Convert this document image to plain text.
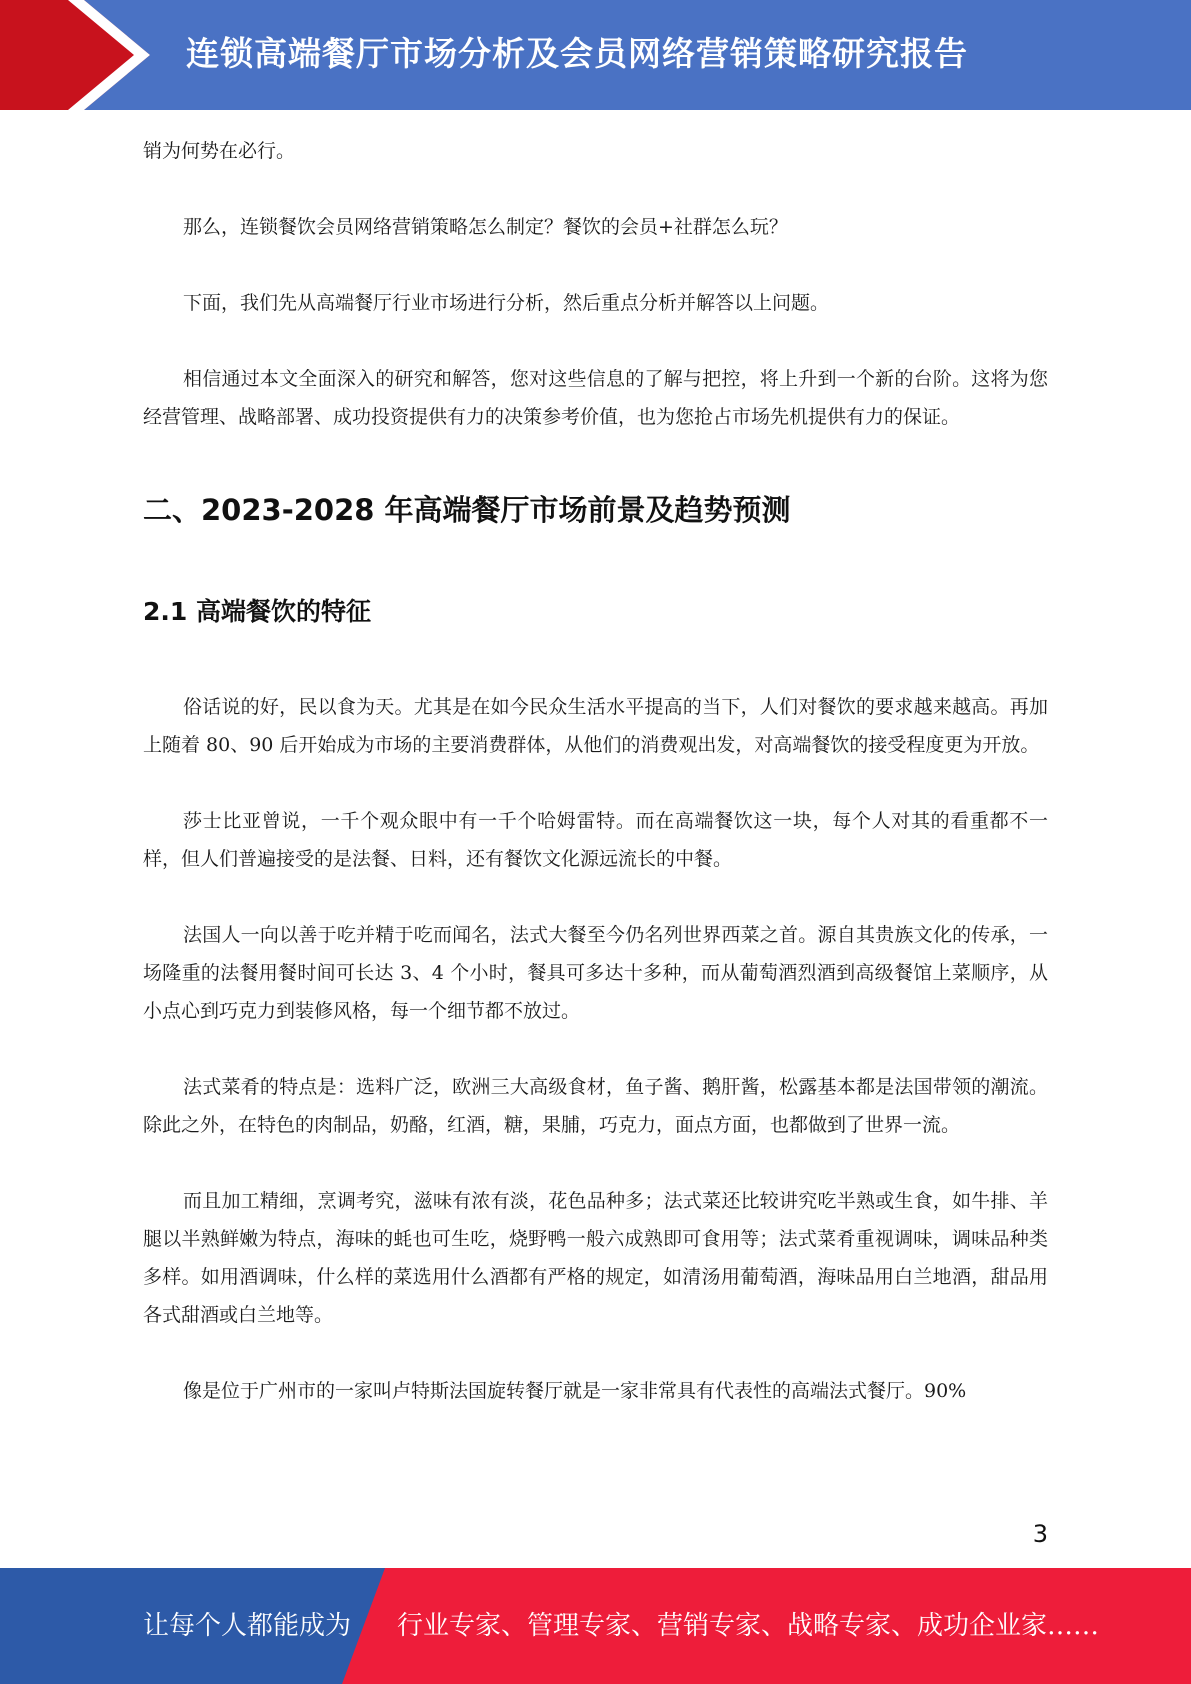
连锁高端餐厅市场分析及会员网络营销策略研究报告

销为何势在必行。

那么，连锁餐饮会员网络营销策略怎么制定？餐饮的会员+社群怎么玩？

下面，我们先从高端餐厅行业市场进行分析，然后重点分析并解答以上问题。

相信通过本文全面深入的研究和解答，您对这些信息的了解与把控，将上升到一个新的台阶。这将为您经营管理、战略部署、成功投资提供有力的决策参考价值，也为您抢占市场先机提供有力的保证。

二、2023-2028 年高端餐厅市场前景及趋势预测
2.1 高端餐饮的特征

俗话说的好，民以食为天。尤其是在如今民众生活水平提高的当下，人们对餐饮的要求越来越高。再加上随着 80、90 后开始成为市场的主要消费群体，从他们的消费观出发，对高端餐饮的接受程度更为开放。

莎士比亚曾说，一千个观众眼中有一千个哈姆雷特。而在高端餐饮这一块，每个人对其的看重都不一样，但人们普遍接受的是法餐、日料，还有餐饮文化源远流长的中餐。

法国人一向以善于吃并精于吃而闻名，法式大餐至今仍名列世界西菜之首。源自其贵族文化的传承，一场隆重的法餐用餐时间可长达 3、4 个小时，餐具可多达十多种，而从葡萄酒烈酒到高级餐馆上菜顺序，从小点心到巧克力到装修风格，每一个细节都不放过。

法式菜肴的特点是：选料广泛，欧洲三大高级食材，鱼子酱、鹅肝酱，松露基本都是法国带领的潮流。除此之外，在特色的肉制品，奶酪，红酒，糖，果脯，巧克力，面点方面，也都做到了世界一流。

而且加工精细，烹调考究，滋味有浓有淡，花色品种多；法式菜还比较讲究吃半熟或生食，如牛排、羊腿以半熟鲜嫩为特点，海味的蚝也可生吃，烧野鸭一般六成熟即可食用等；法式菜肴重视调味，调味品种类多样。如用酒调味，什么样的菜选用什么酒都有严格的规定，如清汤用葡萄酒，海味品用白兰地酒，甜品用各式甜酒或白兰地等。

像是位于广州市的一家叫卢特斯法国旋转餐厅就是一家非常具有代表性的高端法式餐厅。90%

3
让每个人都能成为 行业专家、管理专家、营销专家、战略专家、成功企业家……
